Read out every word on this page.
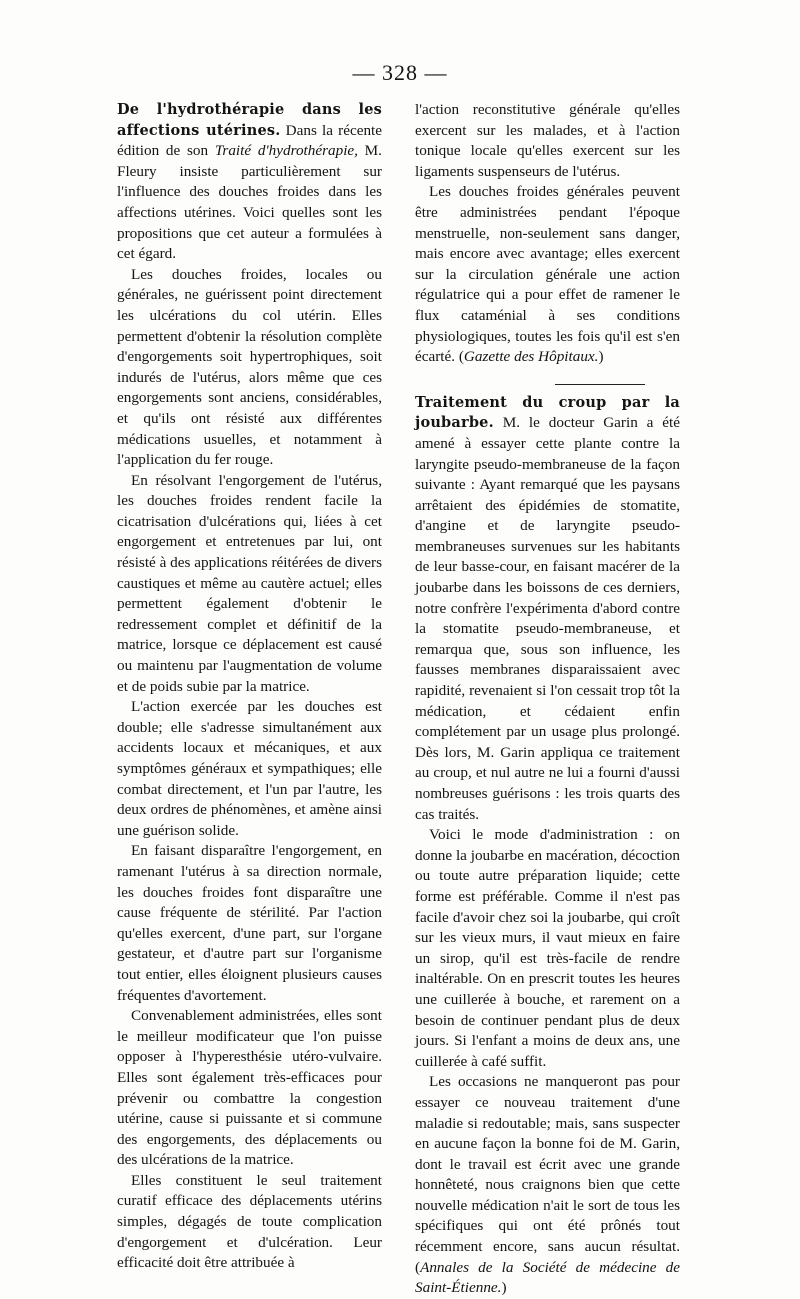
— 328 —

De l'hydrothérapie dans les affections utérines. Dans la récente édition de son Traité d'hydrothérapie, M. Fleury insiste particulièrement sur l'influence des douches froides dans les affections utérines. Voici quelles sont les propositions que cet auteur a formulées à cet égard.

Les douches froides, locales ou générales, ne guérissent point directement les ulcérations du col utérin. Elles permettent d'obtenir la résolution complète d'engorgements soit hypertrophiques, soit indurés de l'utérus, alors même que ces engorgements sont anciens, considérables, et qu'ils ont résisté aux différentes médications usuelles, et notamment à l'application du fer rouge.

En résolvant l'engorgement de l'utérus, les douches froides rendent facile la cicatrisation d'ulcérations qui, liées à cet engorgement et entretenues par lui, ont résisté à des applications réitérées de divers caustiques et même au cautère actuel; elles permettent également d'obtenir le redressement complet et définitif de la matrice, lorsque ce déplacement est causé ou maintenu par l'augmentation de volume et de poids subie par la matrice.

L'action exercée par les douches est double; elle s'adresse simultanément aux accidents locaux et mécaniques, et aux symptômes généraux et sympathiques; elle combat directement, et l'un par l'autre, les deux ordres de phénomènes, et amène ainsi une guérison solide.

En faisant disparaître l'engorgement, en ramenant l'utérus à sa direction normale, les douches froides font disparaître une cause fréquente de stérilité. Par l'action qu'elles exercent, d'une part, sur l'organe gestateur, et d'autre part sur l'organisme tout entier, elles éloignent plusieurs causes fréquentes d'avortement.

Convenablement administrées, elles sont le meilleur modificateur que l'on puisse opposer à l'hyperesthésie utéro-vulvaire. Elles sont également très-efficaces pour prévenir ou combattre la congestion utérine, cause si puissante et si commune des engorgements, des déplacements ou des ulcérations de la matrice.

Elles constituent le seul traitement curatif efficace des déplacements utérins simples, dégagés de toute complication d'engorgement et d'ulcération. Leur efficacité doit être attribuée à

l'action reconstitutive générale qu'elles exercent sur les malades, et à l'action tonique locale qu'elles exercent sur les ligaments suspenseurs de l'utérus.

Les douches froides générales peuvent être administrées pendant l'époque menstruelle, non-seulement sans danger, mais encore avec avantage; elles exercent sur la circulation générale une action régulatrice qui a pour effet de ramener le flux cataménial à ses conditions physiologiques, toutes les fois qu'il est s'en écarté. (Gazette des Hôpitaux.)

Traitement du croup par la joubarbe. M. le docteur Garin a été amené à essayer cette plante contre la laryngite pseudo-membraneuse de la façon suivante : Ayant remarqué que les paysans arrêtaient des épidémies de stomatite, d'angine et de laryngite pseudo-membraneuses survenues sur les habitants de leur basse-cour, en faisant macérer de la joubarbe dans les boissons de ces derniers, notre confrère l'expérimenta d'abord contre la stomatite pseudo-membraneuse, et remarqua que, sous son influence, les fausses membranes disparaissaient avec rapidité, revenaient si l'on cessait trop tôt la médication, et cédaient enfin complétement par un usage plus prolongé. Dès lors, M. Garin appliqua ce traitement au croup, et nul autre ne lui a fourni d'aussi nombreuses guérisons : les trois quarts des cas traités.

Voici le mode d'administration : on donne la joubarbe en macération, décoction ou toute autre préparation liquide; cette forme est préférable. Comme il n'est pas facile d'avoir chez soi la joubarbe, qui croît sur les vieux murs, il vaut mieux en faire un sirop, qu'il est très-facile de rendre inaltérable. On en prescrit toutes les heures une cuillerée à bouche, et rarement on a besoin de continuer pendant plus de deux jours. Si l'enfant a moins de deux ans, une cuillerée à café suffit.

Les occasions ne manqueront pas pour essayer ce nouveau traitement d'une maladie si redoutable; mais, sans suspecter en aucune façon la bonne foi de M. Garin, dont le travail est écrit avec une grande honnêteté, nous craignons bien que cette nouvelle médication n'ait le sort de tous les spécifiques qui ont été prônés tout récemment encore, sans aucun résultat. (Annales de la Société de médecine de Saint-Étienne.)
